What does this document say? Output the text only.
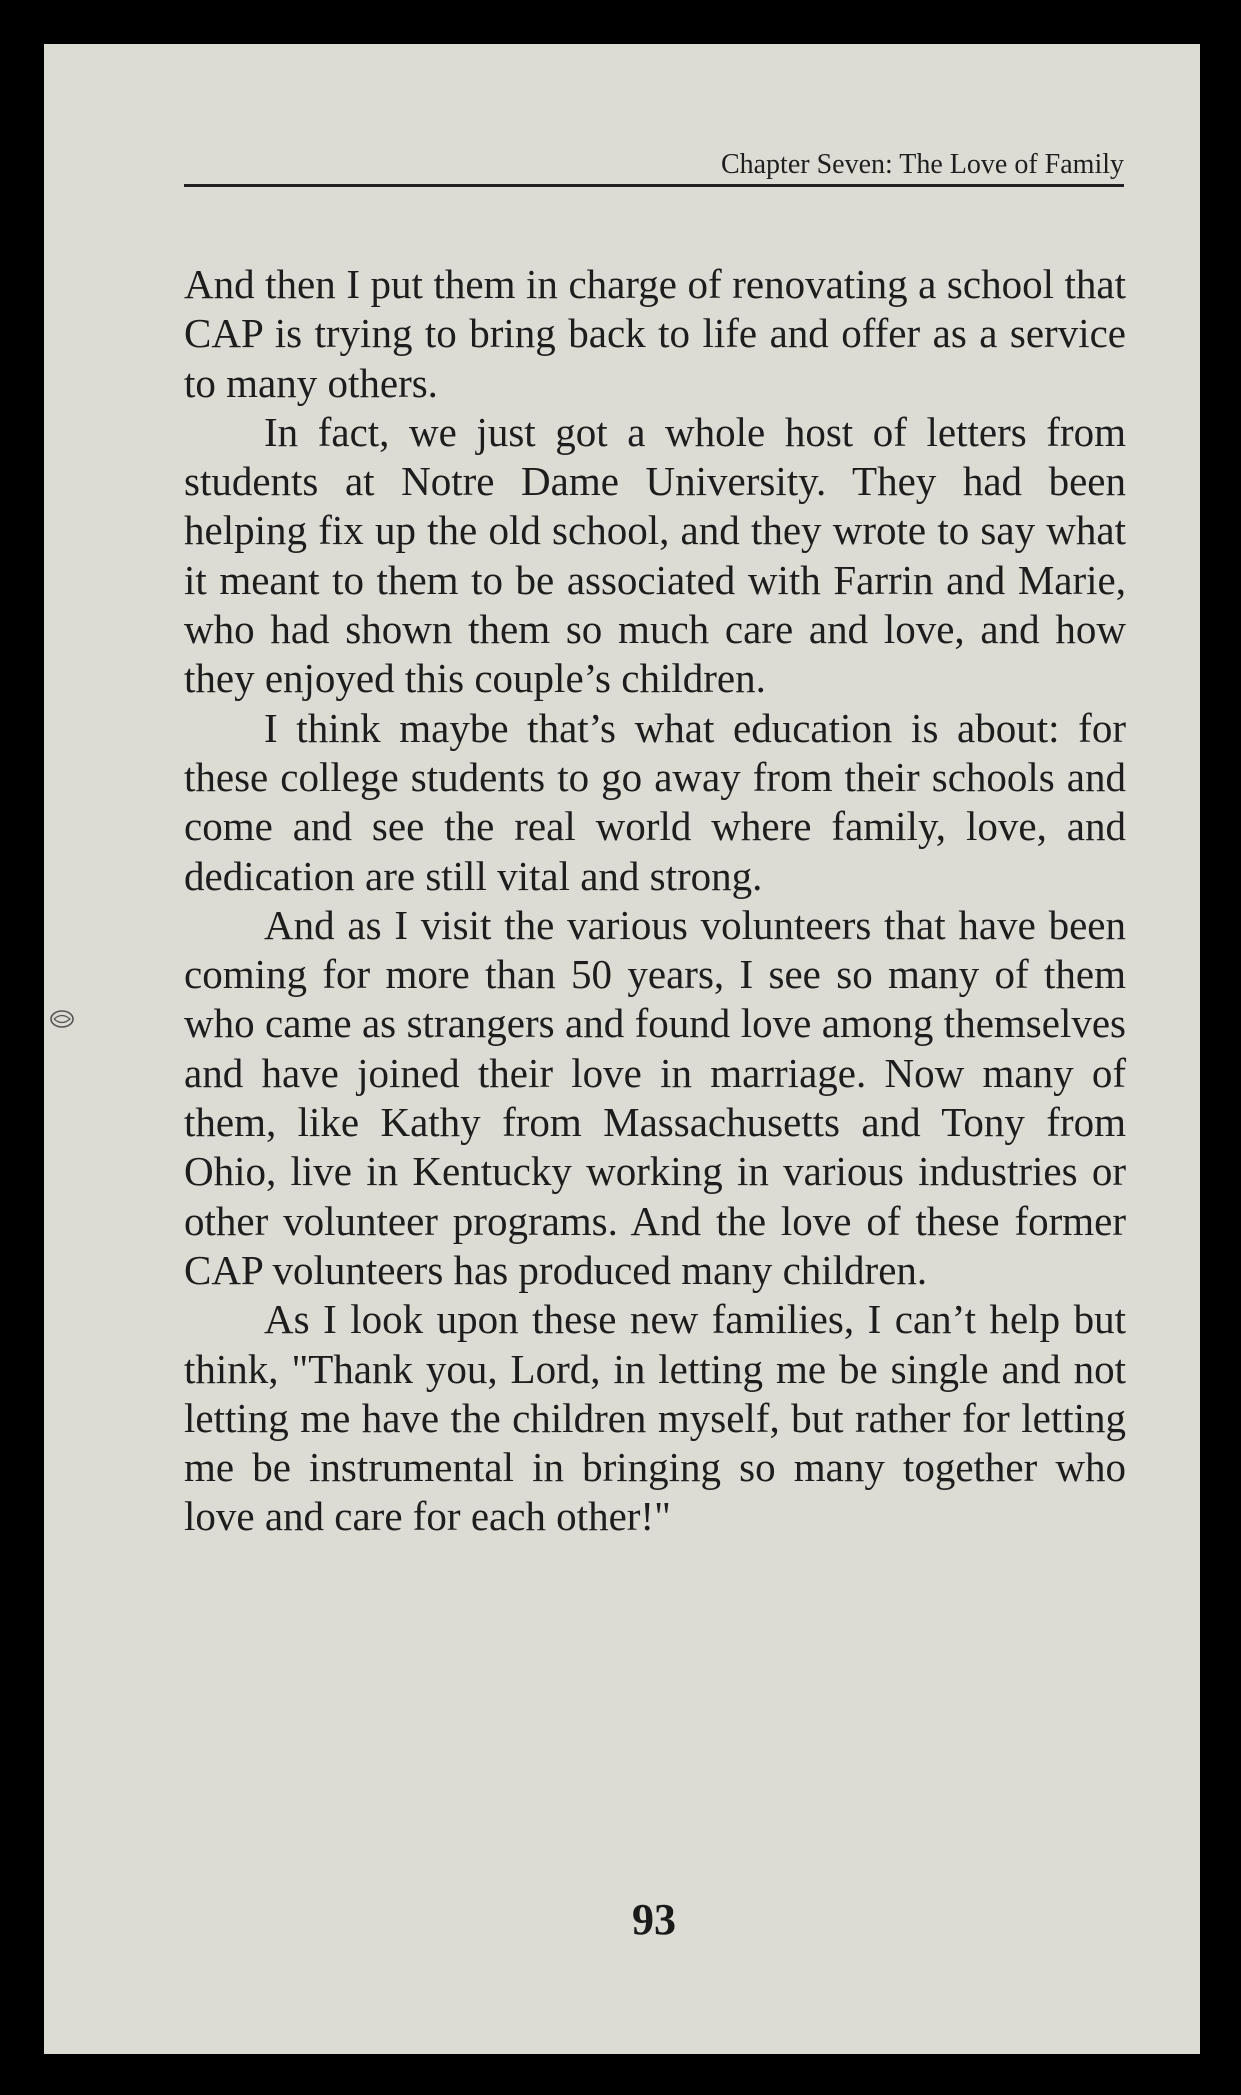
Chapter Seven: The Love of Family

And then I put them in charge of renovating a school that CAP is trying to bring back to life and offer as a service to many others.

In fact, we just got a whole host of letters from students at Notre Dame University. They had been helping fix up the old school, and they wrote to say what it meant to them to be associated with Farrin and Marie, who had shown them so much care and love, and how they enjoyed this couple’s children.

I think maybe that’s what education is about: for these college students to go away from their schools and come and see the real world where family, love, and dedication are still vital and strong.

And as I visit the various volunteers that have been coming for more than 50 years, I see so many of them who came as strangers and found love among themselves and have joined their love in marriage. Now many of them, like Kathy from Massachusetts and Tony from Ohio, live in Kentucky working in various industries or other volunteer programs. And the love of these former CAP volunteers has produced many children.

As I look upon these new families, I can’t help but think, "Thank you, Lord, in letting me be single and not letting me have the children myself, but rather for letting me be instrumental in bringing so many together who love and care for each other!"

93
